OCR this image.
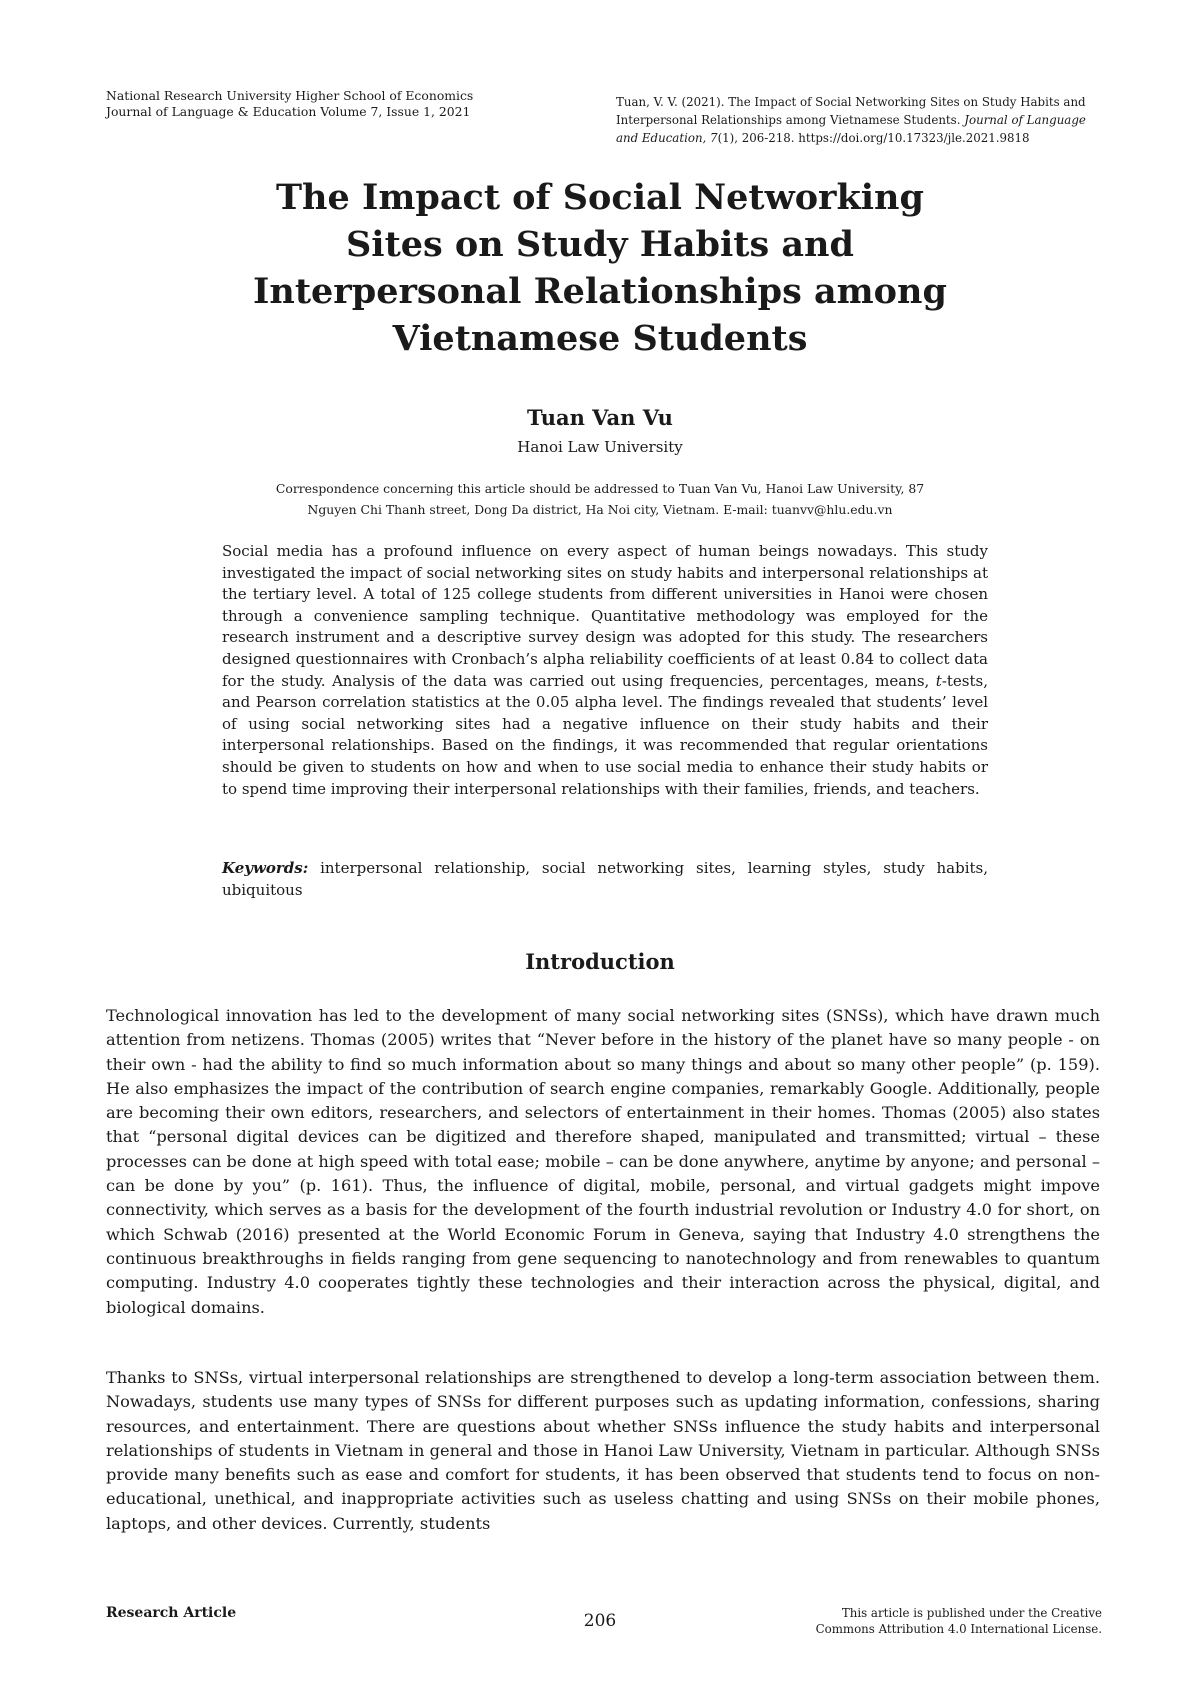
National Research University Higher School of Economics
Journal of Language & Education Volume 7, Issue 1, 2021
Tuan, V. V. (2021). The Impact of Social Networking Sites on Study Habits and Interpersonal Relationships among Vietnamese Students. Journal of Language and Education, 7(1), 206-218. https://doi.org/10.17323/jle.2021.9818
The Impact of Social Networking
Sites on Study Habits and
Interpersonal Relationships among
Vietnamese Students
Tuan Van Vu
Hanoi Law University
Correspondence concerning this article should be addressed to Tuan Van Vu, Hanoi Law University, 87
Nguyen Chi Thanh street, Dong Da district, Ha Noi city, Vietnam. E-mail: tuanvv@hlu.edu.vn

Social media has a profound influence on every aspect of human beings nowadays. This study investigated the impact of social networking sites on study habits and interpersonal relationships at the tertiary level. A total of 125 college students from different universities in Hanoi were chosen through a convenience sampling technique. Quantitative methodology was employed for the research instrument and a descriptive survey design was adopted for this study. The researchers designed questionnaires with Cronbach’s alpha reliability coefficients of at least 0.84 to collect data for the study. Analysis of the data was carried out using frequencies, percentages, means, t-tests, and Pearson correlation statistics at the 0.05 alpha level. The findings revealed that students’ level of using social networking sites had a negative influence on their study habits and their interpersonal relationships. Based on the findings, it was recommended that regular orientations should be given to students on how and when to use social media to enhance their study habits or to spend time improving their interpersonal relationships with their families, friends, and teachers.

Keywords: interpersonal relationship, social networking sites, learning styles, study habits, ubiquitous

Introduction

Technological innovation has led to the development of many social networking sites (SNSs), which have drawn much attention from netizens. Thomas (2005) writes that “Never before in the history of the planet have so many people - on their own - had the ability to find so much information about so many things and about so many other people” (p. 159). He also emphasizes the impact of the contribution of search engine companies, remarkably Google. Additionally, people are becoming their own editors, researchers, and selectors of entertainment in their homes. Thomas (2005) also states that “personal digital devices can be digitized and therefore shaped, manipulated and transmitted; virtual – these processes can be done at high speed with total ease; mobile – can be done anywhere, anytime by anyone; and personal – can be done by you” (p. 161). Thus, the influence of digital, mobile, personal, and virtual gadgets might impove connectivity, which serves as a basis for the development of the fourth industrial revolution or Industry 4.0 for short, on which Schwab (2016) presented at the World Economic Forum in Geneva, saying that Industry 4.0 strengthens the continuous breakthroughs in fields ranging from gene sequencing to nanotechnology and from renewables to quantum computing. Industry 4.0 cooperates tightly these technologies and their interaction across the physical, digital, and biological domains.

Thanks to SNSs, virtual interpersonal relationships are strengthened to develop a long-term association between them. Nowadays, students use many types of SNSs for different purposes such as updating information, confessions, sharing resources, and entertainment. There are questions about whether SNSs influence the study habits and interpersonal relationships of students in Vietnam in general and those in Hanoi Law University, Vietnam in particular. Although SNSs provide many benefits such as ease and comfort for students, it has been observed that students tend to focus on non-educational, unethical, and inappropriate activities such as useless chatting and using SNSs on their mobile phones, laptops, and other devices. Currently, students

Research Article	206	This article is published under the Creative
Commons Attribution 4.0 International License.
